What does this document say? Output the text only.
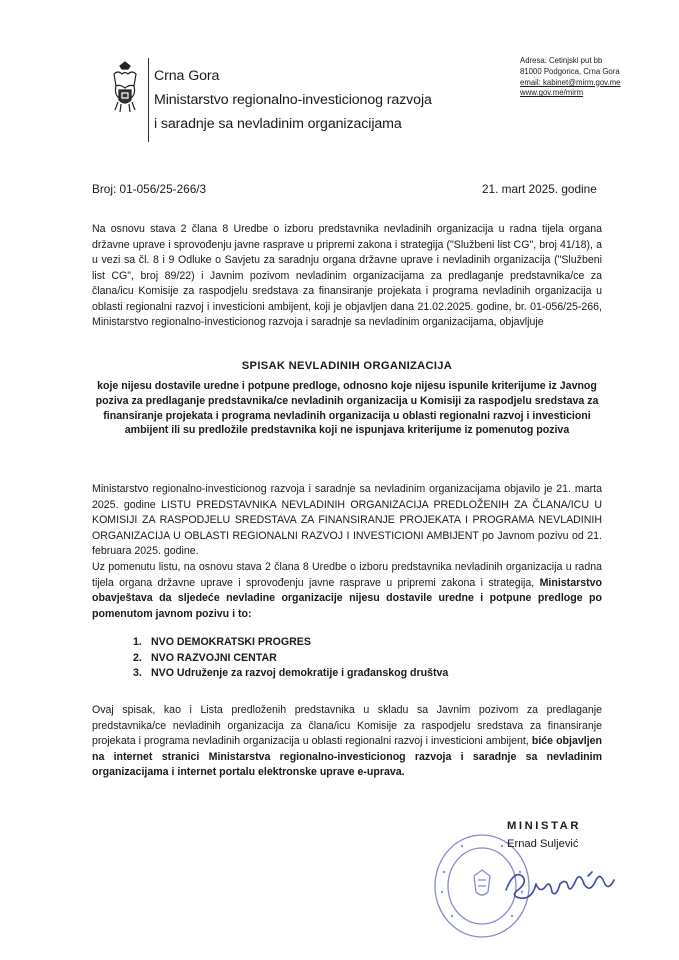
Crna Gora
Ministarstvo regionalno-investicionog razvoja
i saradnje sa nevladinim organizacijama
Adresa: Cetinjski put bb
81000 Podgorica, Crna Gora
email: kabinet@mirm.gov.me
www.gov.me/mirm
Broj: 01-056/25-266/3	21. mart 2025. godine
Na osnovu stava 2 člana 8 Uredbe o izboru predstavnika nevladinih organizacija u radna tijela organa državne uprave i sprovođenju javne rasprave u pripremi zakona i strategija ("Službeni list CG", broj 41/18), a u vezi sa čl. 8 i 9 Odluke o Savjetu za saradnju organa državne uprave i nevladinih organizacija ("Službeni list CG", broj 89/22) i Javnim pozivom nevladinim organizacijama za predlaganje predstavnika/ce za člana/icu Komisije za raspodjelu sredstava za finansiranje projekata i programa nevladinih organizacija u oblasti regionalni razvoj i investicioni ambijent, koji je objavljen dana 21.02.2025. godine, br. 01-056/25-266, Ministarstvo regionalno-investicionog razvoja i saradnje sa nevladinim organizacijama, objavljuje
SPISAK NEVLADINIH ORGANIZACIJA
koje nijesu dostavile uredne i potpune predloge, odnosno koje nijesu ispunile kriterijume iz Javnog poziva za predlaganje predstavnika/ce nevladinih organizacija u Komisiji za raspodjelu sredstava za finansiranje projekata i programa nevladinih organizacija u oblasti regionalni razvoj i investicioni ambijent ili su predložile predstavnika koji ne ispunjava kriterijume iz pomenutog poziva
Ministarstvo regionalno-investicionog razvoja i saradnje sa nevladinim organizacijama objavilo je 21. marta 2025. godine LISTU PREDSTAVNIKA NEVLADINIH ORGANIZACIJA PREDLOŽENIH ZA ČLANA/ICU U KOMISIJI ZA RASPODJELU SREDSTAVA ZA FINANSIRANJE PROJEKATA I PROGRAMA NEVLADINIH ORGANIZACIJA U OBLASTI REGIONALNI RAZVOJ I INVESTICIONI AMBIJENT po Javnom pozivu od 21. februara 2025. godine.
Uz pomenutu listu, na osnovu stava 2 člana 8 Uredbe o izboru predstavnika nevladinih organizacija u radna tijela organa državne uprave i sprovođenju javne rasprave u pripremi zakona i strategija, Ministarstvo obavještava da sljedeće nevladine organizacije nijesu dostavile uredne i potpune predloge po pomenutom javnom pozivu i to:
1. NVO DEMOKRATSKI PROGRES
2. NVO RAZVOJNI CENTAR
3. NVO Udruženje za razvoj demokratije i građanskog društva
Ovaj spisak, kao i Lista predloženih predstavnika u skladu sa Javnim pozivom za predlaganje predstavnika/ce nevladinih organizacija za člana/icu Komisije za raspodjelu sredstava za finansiranje projekata i programa nevladinih organizacija u oblasti regionalni razvoj i investicioni ambijent, biće objavljen na internet stranici Ministarstva regionalno-investicionog razvoja i saradnje sa nevladinim organizacijama i internet portalu elektronske uprave e-uprava.
MINISTAR
Ernad Suljević
